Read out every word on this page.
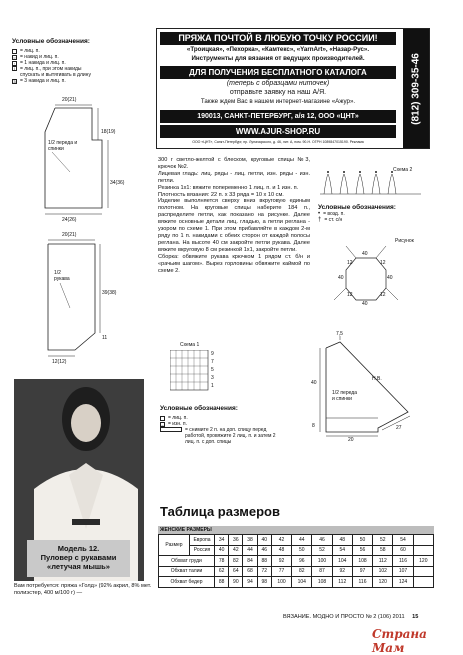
Условные обозначения:
= лиц. п.
○ = накид и лиц. п.
◦ = 1 накида и лиц. п.
| = лиц. п., при этом накиды спускать и вытягивать в длину
3 = 3 накида и лиц. п.
20(21)
18(19)
34(36)
24(26)
1/2 переда и спинки
20(21)
39(38)
11
12(12)
1/2 рукава
Модель 12.
Пуловер с рукавами
«летучая мышь»
Вам потребуется: пряжа «Голд» (92% акрил, 8% мет. полиэстер, 400 м/100 г) —
ПРЯЖА ПОЧТОЙ В ЛЮБУЮ ТОЧКУ РОССИИ!
«Троицкая», «Пехорка», «Камтекс», «YarnArt», «Назар-Рус».
Инструменты для вязания от ведущих производителей.
ДЛЯ ПОЛУЧЕНИЯ БЕСПЛАТНОГО КАТАЛОГА
(теперь с образцами ниточек)
отправьте заявку на наш А/Я.
Также ждем Вас в нашем интернет-магазине «Ажур».
190013, САНКТ-ПЕТЕРБУРГ, а/я 12, ООО «ЦНТ»
WWW.AJUR-SHOP.RU
ООО «ЦНТ», Санкт-Петербург, пр. Луначарского, д. 46, лит. А, пом. 90-Н. ОГРН 1089847015190. Реклама
(812) 309-35-46

300 г светло-желтой с блеском, круговые спицы №3, крючок №2.

Лицевая гладь: лиц. ряды - лиц. петли, изн. ряды - изн. петли.

Резинка 1х1: вяжите попеременно 1 лиц. п. и 1 изн. п.

Плотность вязания: 22 п. х 33 ряда = 10 х 10 см.

Изделие выполняется сверху вниз вкруговую единым полотном. На круговые спицы наберите 184 п., распределите петли, как показано на рисунке. Далее вяжите основные детали лиц. гладью, а петли реглана - узором по схеме 1. При этом прибавляйте в каждом 2-м ряду по 1 п. накидами с обеих сторон от каждой полосы реглана. На высоте 40 см закройте петли рукава. Далее вяжите вкруговую 8 см резинкой 1х1, закройте петли.

Сборка: обвяжите рукава крючком 1 рядом ст. б/н и «рачьим шагом». Вырез горловины обвяжите каймой по схеме 2.

Схема 1
9
7
5
3
1
Условные обозначения:
= лиц. п.
– = изн. п.
= снимите 2 п. на доп. спицу перед работой, провяжите 2 лиц. п. и затем 2 лиц. п. с доп. спицы
Схема 2
Условные обозначения:
• = возд. п.
† = ст. с/н
Рисунок
40
12
40
12
40
12
40
12
7,5
Н.В.
40
8	27
20
1/2 переда и спинки
Таблица размеров
ЖЕНСКИЕ РАЗМЕРЫ
Размер	Европа	34	36	38	40	42	44	46	48	50	52	54	
	Россия	40	42	44	46	48	50	52	54	56	58	60	
Обхват груди		78	82	84	88	92	96	100	104	108	112	116	120
Обхват талии		62	64	68	72	77	82	87	92	97	102	107	
Обхват бедер		88	90	94	98	100	104	108	112	116	120	124	
ВЯЗАНИЕ. МОДНО И ПРОСТО № 2 (106) 2011 15
Страна Мам
